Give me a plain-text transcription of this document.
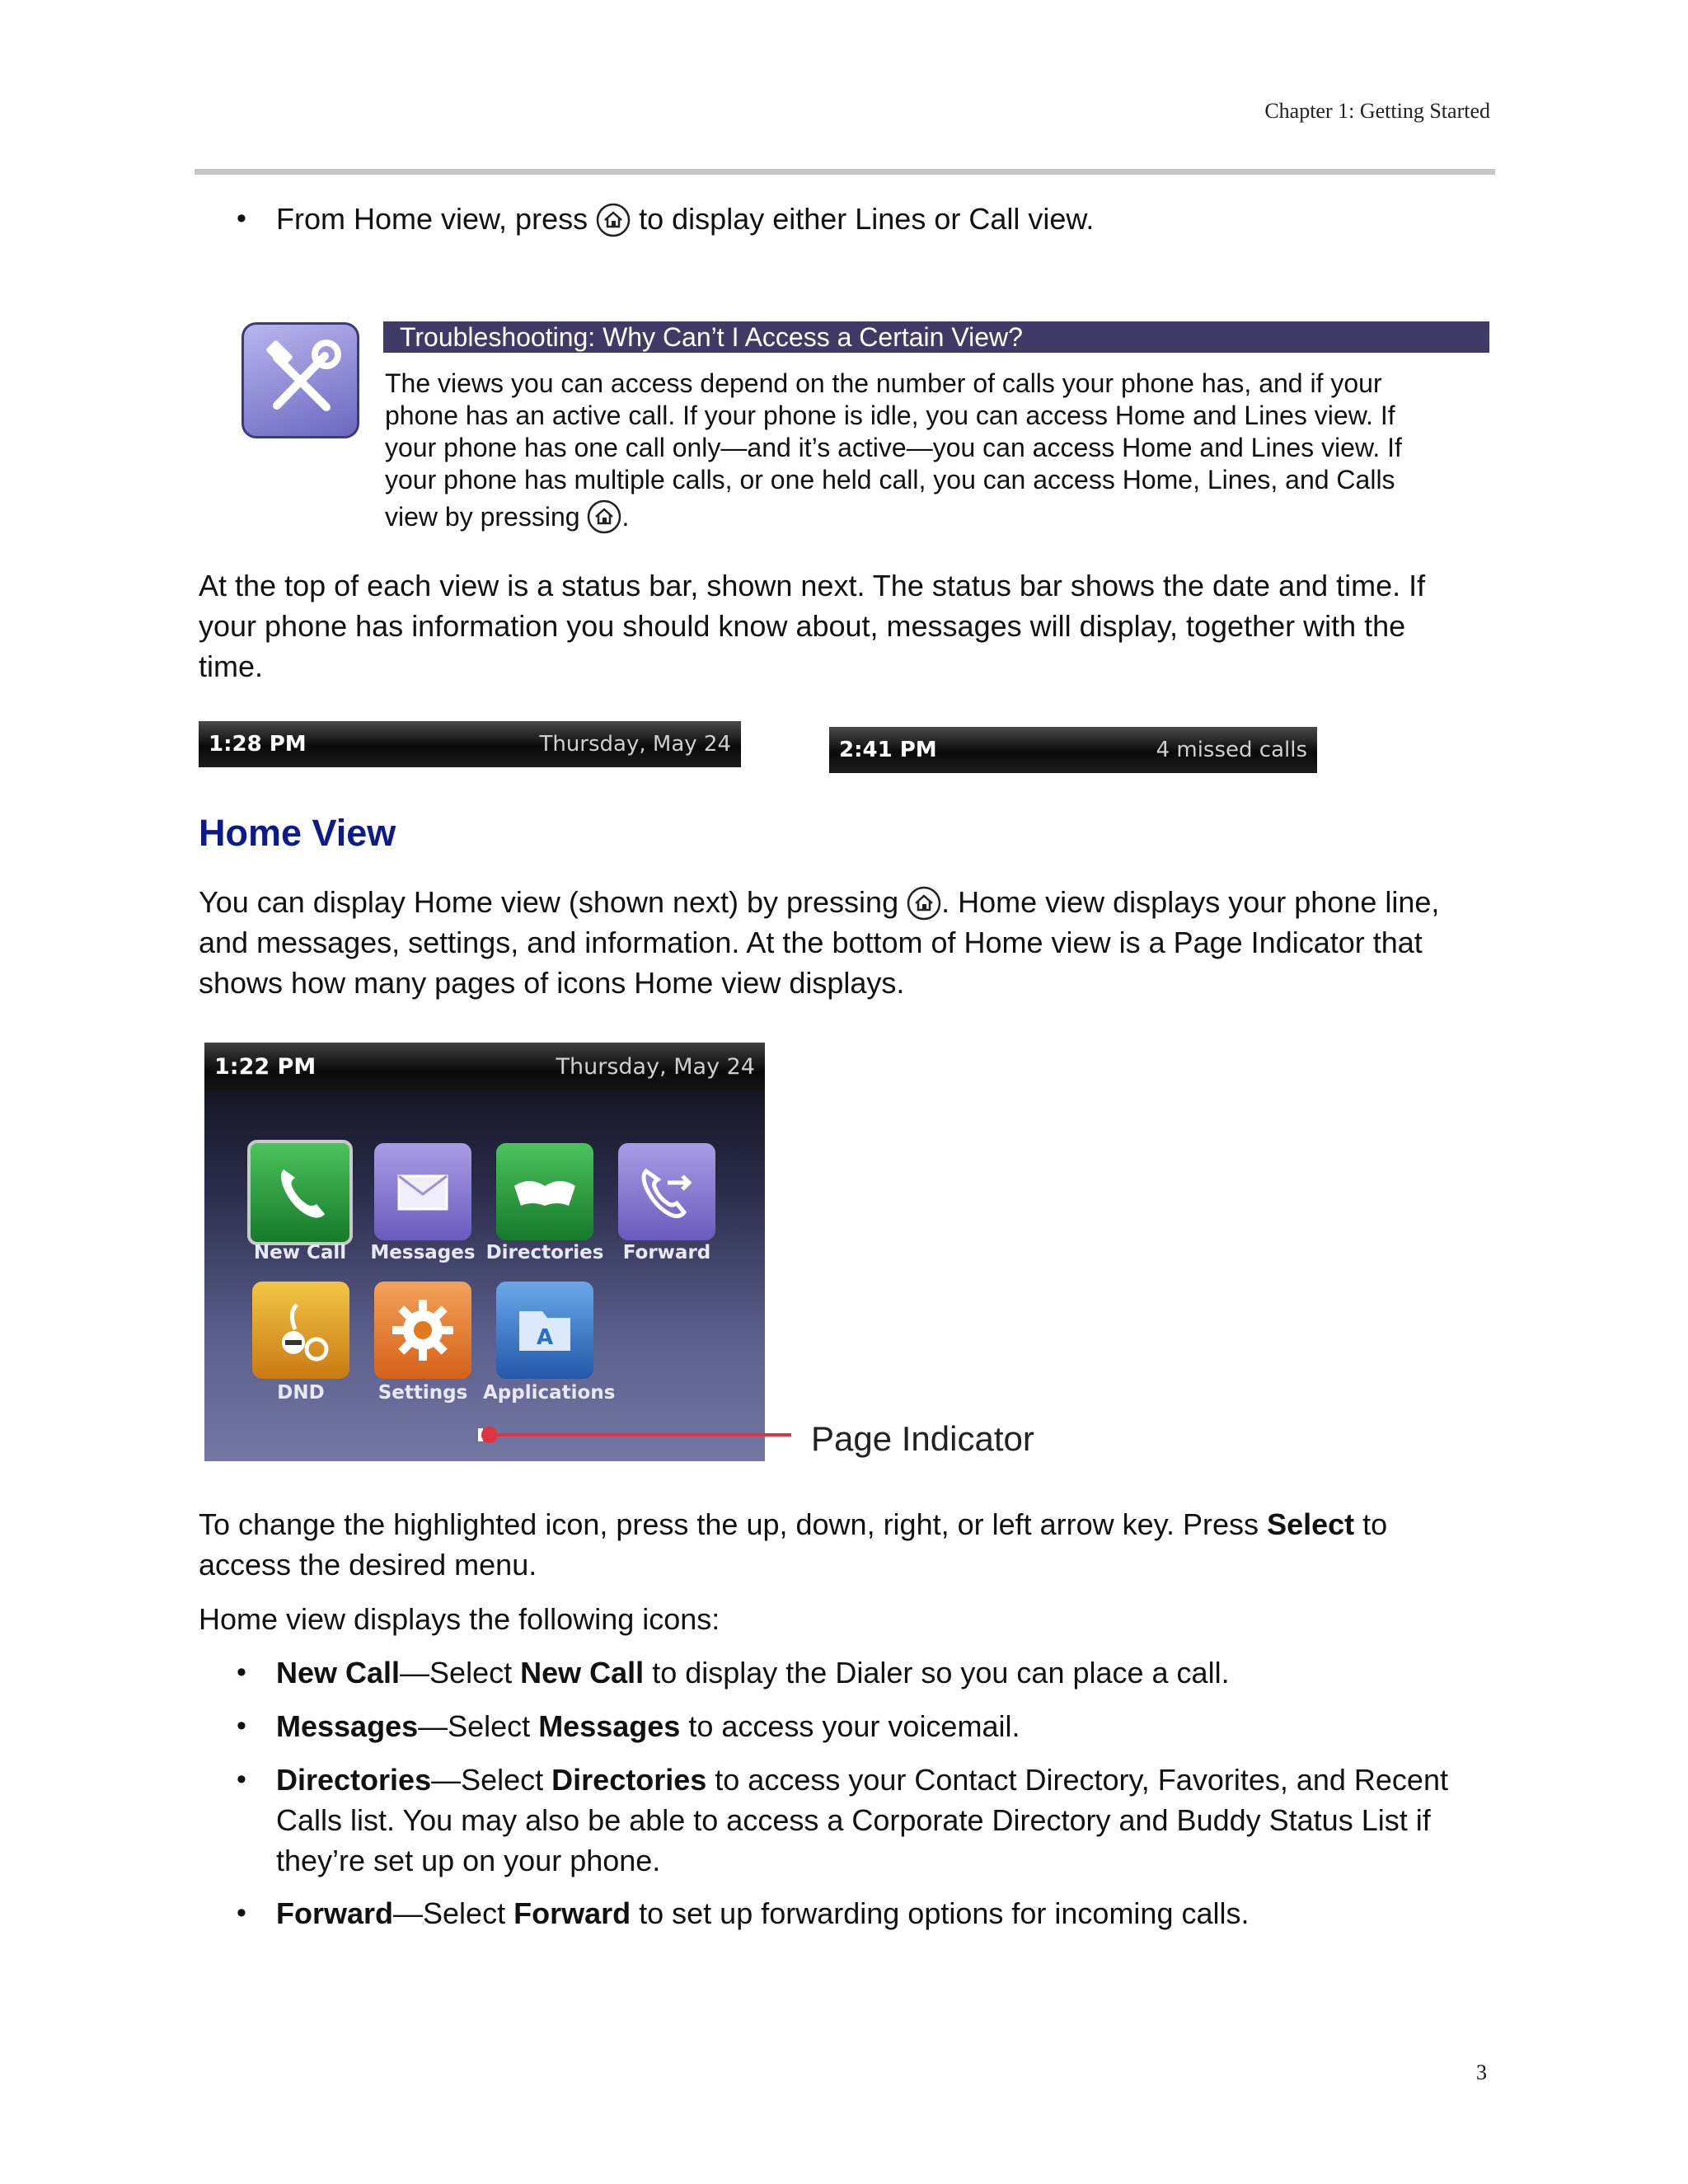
Chapter 1: Getting Started
• From Home view, press to display either Lines or Call view.
Troubleshooting: Why Can’t I Access a Certain View?
The views you can access depend on the number of calls your phone has, and if your
phone has an active call. If your phone is idle, you can access Home and Lines view. If
your phone has one call only—and it’s active—you can access Home and Lines view. If
your phone has multiple calls, or one held call, you can access Home, Lines, and Calls
view by pressing .
At the top of each view is a status bar, shown next. The status bar shows the date and time. If
your phone has information you should know about, messages will display, together with the
time.
1:28 PM	Thursday, May 24	2:41 PM	4 missed calls
Home View
You can display Home view (shown next) by pressing . Home view displays your phone line,
and messages, settings, and information. At the bottom of Home view is a Page Indicator that
shows how many pages of icons Home view displays.
1:22 PM	Thursday, May 24
New Call	Messages Directories	Forward
A
DND	Settings Applications
Page Indicator
To change the highlighted icon, press the up, down, right, or left arrow key. Press Select to
access the desired menu.
Home view displays the following icons:
• New Call—Select New Call to display the Dialer so you can place a call.
• Messages—Select Messages to access your voicemail.
• Directories—Select Directories to access your Contact Directory, Favorites, and Recent
Calls list. You may also be able to access a Corporate Directory and Buddy Status List if
they’re set up on your phone.
• Forward—Select Forward to set up forwarding options for incoming calls.
3
